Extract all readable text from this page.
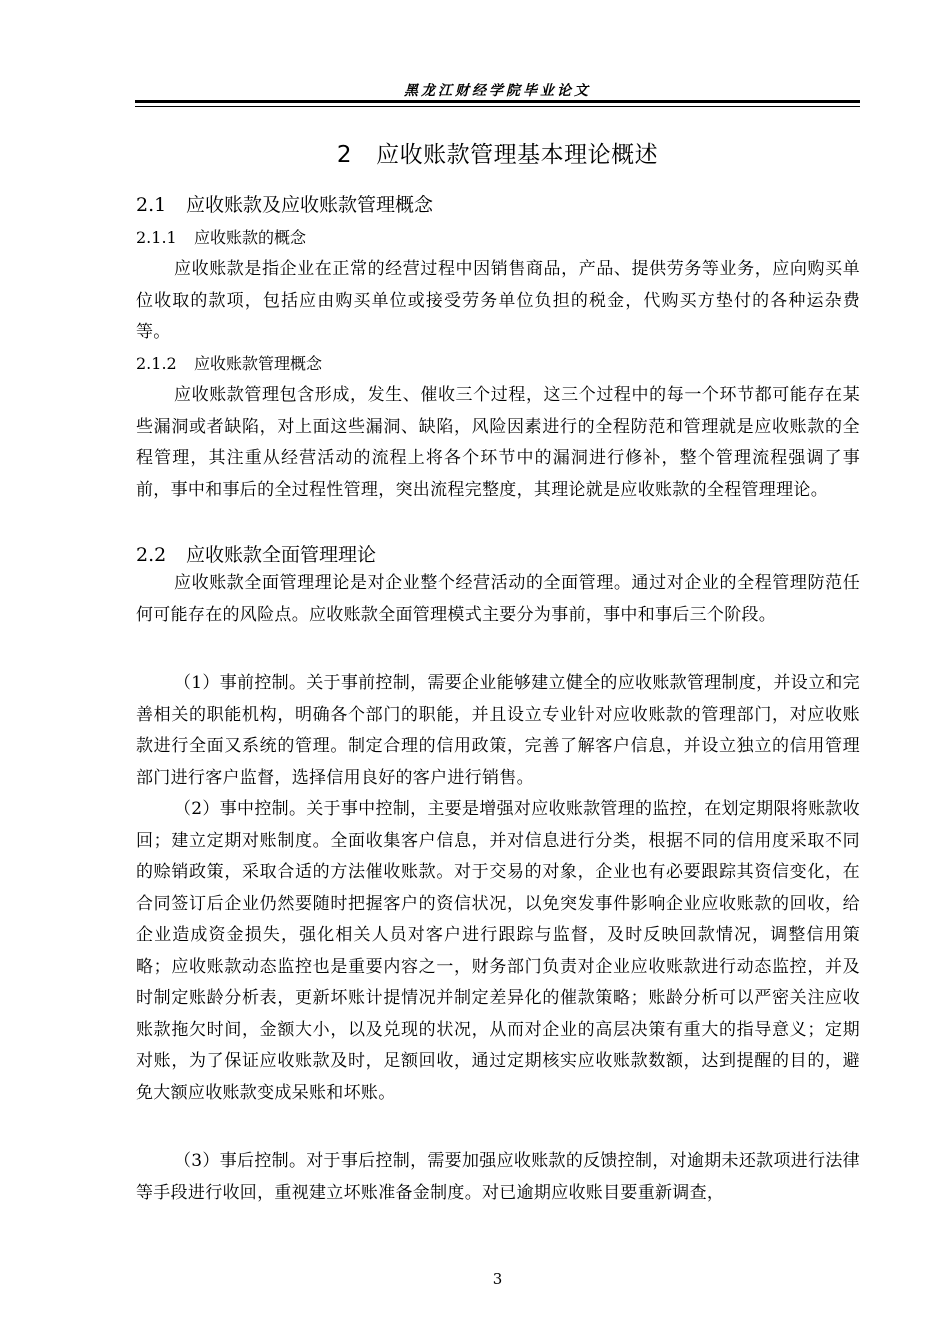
黑龙江财经学院毕业论文
2 应收账款管理基本理论概述
2.1 应收账款及应收账款管理概念
2.1.1 应收账款的概念
应收账款是指企业在正常的经营过程中因销售商品，产品、提供劳务等业务，应向购买单位收取的款项，包括应由购买单位或接受劳务单位负担的税金，代购买方垫付的各种运杂费等。
2.1.2 应收账款管理概念
应收账款管理包含形成，发生、催收三个过程，这三个过程中的每一个环节都可能存在某些漏洞或者缺陷，对上面这些漏洞、缺陷，风险因素进行的全程防范和管理就是应收账款的全程管理，其注重从经营活动的流程上将各个环节中的漏洞进行修补，整个管理流程强调了事前，事中和事后的全过程性管理，突出流程完整度，其理论就是应收账款的全程管理理论。
2.2 应收账款全面管理理论
应收账款全面管理理论是对企业整个经营活动的全面管理。通过对企业的全程管理防范任何可能存在的风险点。应收账款全面管理模式主要分为事前，事中和事后三个阶段。
（1）事前控制。关于事前控制，需要企业能够建立健全的应收账款管理制度，并设立和完善相关的职能机构，明确各个部门的职能，并且设立专业针对应收账款的管理部门，对应收账款进行全面又系统的管理。制定合理的信用政策，完善了解客户信息，并设立独立的信用管理部门进行客户监督，选择信用良好的客户进行销售。
（2）事中控制。关于事中控制，主要是增强对应收账款管理的监控，在划定期限将账款收回；建立定期对账制度。全面收集客户信息，并对信息进行分类，根据不同的信用度采取不同的赊销政策，采取合适的方法催收账款。对于交易的对象，企业也有必要跟踪其资信变化，在合同签订后企业仍然要随时把握客户的资信状况，以免突发事件影响企业应收账款的回收，给企业造成资金损失，强化相关人员对客户进行跟踪与监督，及时反映回款情况，调整信用策略；应收账款动态监控也是重要内容之一，财务部门负责对企业应收账款进行动态监控，并及时制定账龄分析表，更新坏账计提情况并制定差异化的催款策略；账龄分析可以严密关注应收账款拖欠时间，金额大小，以及兑现的状况，从而对企业的高层决策有重大的指导意义；定期对账，为了保证应收账款及时，足额回收，通过定期核实应收账款数额，达到提醒的目的，避免大额应收账款变成呆账和坏账。
（3）事后控制。对于事后控制，需要加强应收账款的反馈控制，对逾期未还款项进行法律等手段进行收回，重视建立坏账准备金制度。对已逾期应收账目要重新调查，
3
